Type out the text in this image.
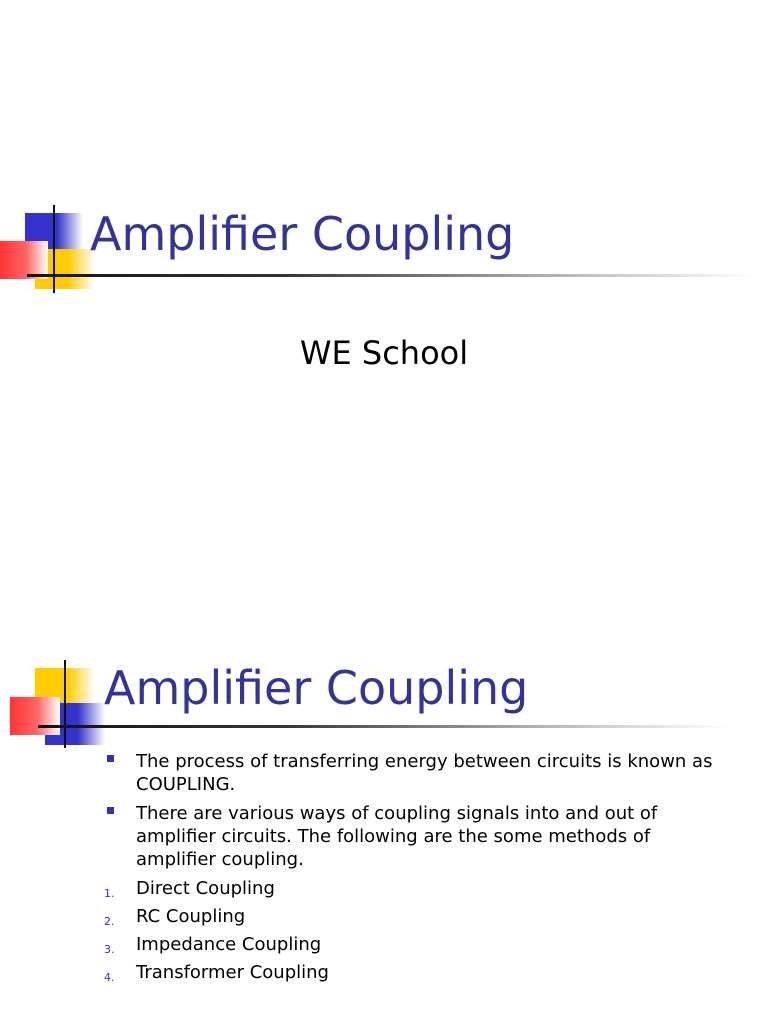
Amplifier Coupling
WE School
Amplifier Coupling
The process of transferring energy between circuits is known as COUPLING.
There are various ways of coupling signals into and out of amplifier circuits. The following are the some methods of amplifier coupling.
1. Direct Coupling
2. RC Coupling
3. Impedance Coupling
4. Transformer Coupling
